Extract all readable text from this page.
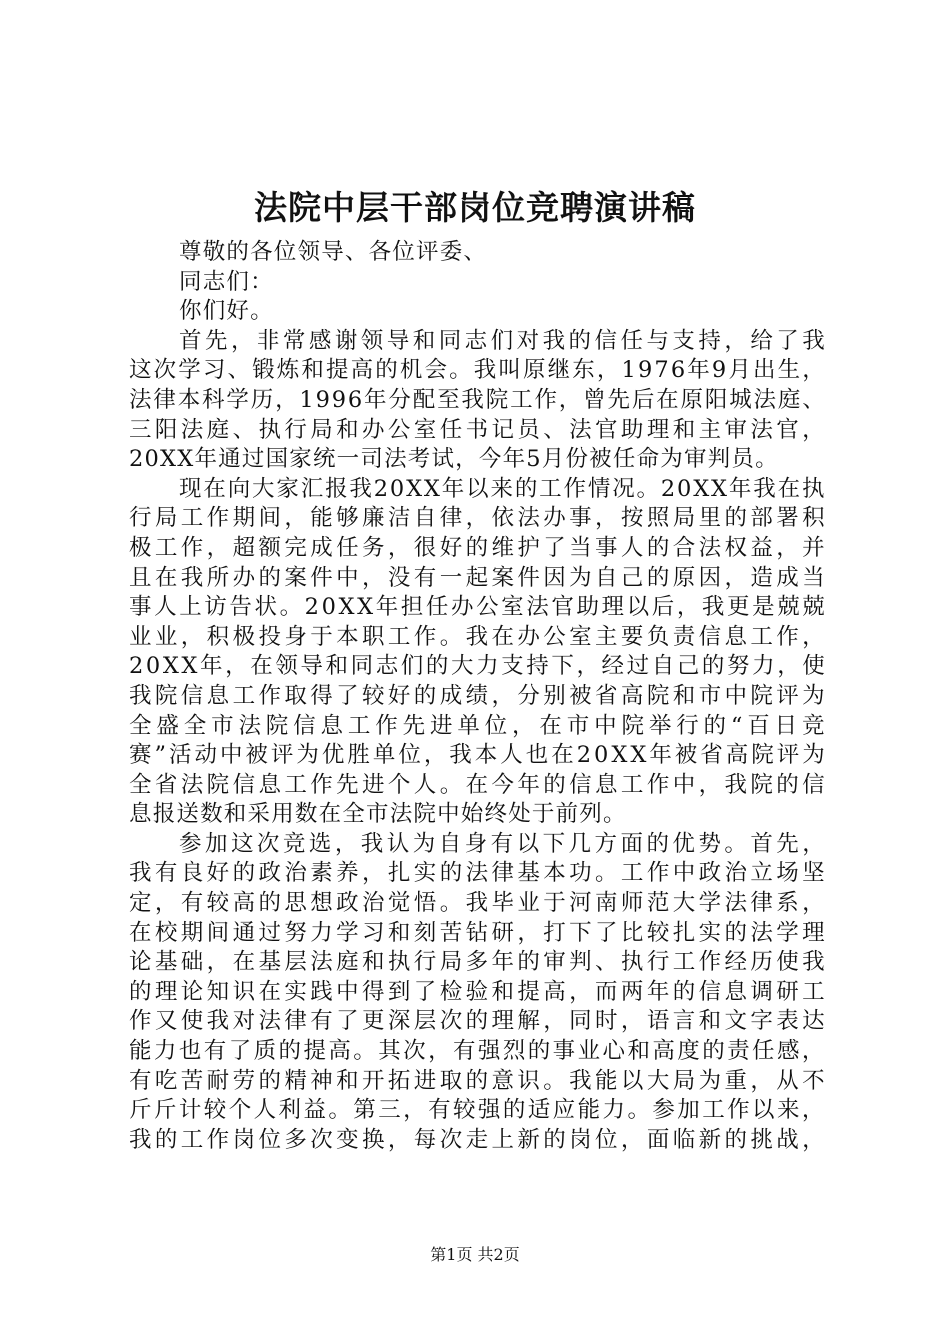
法院中层干部岗位竞聘演讲稿
尊敬的各位领导、各位评委、
同志们：
你们好。
首 先 ， 非 常 感 谢 领 导 和 同 志 们 对 我 的 信 任 与 支 持 ， 给 了 我
这 次 学 习 、 锻 炼 和 提 高 的 机 会 。 我 叫 原 继 东 ， 1 9 7 6 年 9 月 出 生 ，
法 律 本 科 学 历 ， 1 9 9 6 年 分 配 至 我 院 工 作 ， 曾 先 后 在 原 阳 城 法 庭 、
三 阳 法 庭 、 执 行 局 和 办 公 室 任 书 记 员 、 法 官 助 理 和 主 审 法 官 ，
20XX年通过国家统一司法考试，今年5月份被任命为审判员。
现 在 向 大 家 汇 报 我 2 0 X X 年 以 来 的 工 作 情 况 。 2 0 X X 年 我 在 执
行 局 工 作 期 间 ， 能 够 廉 洁 自 律 ， 依 法 办 事 ， 按 照 局 里 的 部 署 积
极 工 作 ， 超 额 完 成 任 务 ， 很 好 的 维 护 了 当 事 人 的 合 法 权 益 ， 并
且 在 我 所 办 的 案 件 中 ， 没 有 一 起 案 件 因 为 自 己 的 原 因 ， 造 成 当
事 人 上 访 告 状 。 2 0 X X 年 担 任 办 公 室 法 官 助 理 以 后 ， 我 更 是 兢 兢
业 业 ， 积 极 投 身 于 本 职 工 作 。 我 在 办 公 室 主 要 负 责 信 息 工 作 ，
2 0 X X 年 ， 在 领 导 和 同 志 们 的 大 力 支 持 下 ， 经 过 自 己 的 努 力 ， 使
我 院 信 息 工 作 取 得 了 较 好 的 成 绩 ， 分 别 被 省 高 院 和 市 中 院 评 为
全 盛 全 市 法 院 信 息 工 作 先 进 单 位 ， 在 市 中 院 举 行 的 “ 百 日 竞
赛 ” 活 动 中 被 评 为 优 胜 单 位 ， 我 本 人 也 在 2 0 X X 年 被 省 高 院 评 为
全 省 法 院 信 息 工 作 先 进 个 人 。 在 今 年 的 信 息 工 作 中 ， 我 院 的 信
息报送数和采用数在全市法院中始终处于前列。
参 加 这 次 竞 选 ， 我 认 为 自 身 有 以 下 几 方 面 的 优 势 。 首 先 ，
我 有 良 好 的 政 治 素 养 ， 扎 实 的 法 律 基 本 功 。 工 作 中 政 治 立 场 坚
定 ， 有 较 高 的 思 想 政 治 觉 悟 。 我 毕 业 于 河 南 师 范 大 学 法 律 系 ，
在 校 期 间 通 过 努 力 学 习 和 刻 苦 钻 研 ， 打 下 了 比 较 扎 实 的 法 学 理
论 基 础 ， 在 基 层 法 庭 和 执 行 局 多 年 的 审 判 、 执 行 工 作 经 历 使 我
的 理 论 知 识 在 实 践 中 得 到 了 检 验 和 提 高 ， 而 两 年 的 信 息 调 研 工
作 又 使 我 对 法 律 有 了 更 深 层 次 的 理 解 ， 同 时 ， 语 言 和 文 字 表 达
能 力 也 有 了 质 的 提 高 。 其 次 ， 有 强 烈 的 事 业 心 和 高 度 的 责 任 感 ，
有 吃 苦 耐 劳 的 精 神 和 开 拓 进 取 的 意 识 。 我 能 以 大 局 为 重 ， 从 不
斤 斤 计 较 个 人 利 益 。 第 三 ， 有 较 强 的 适 应 能 力 。 参 加 工 作 以 来 ，
我 的 工 作 岗 位 多 次 变 换 ， 每 次 走 上 新 的 岗 位 ， 面 临 新 的 挑 战 ，
第1页 共2页
